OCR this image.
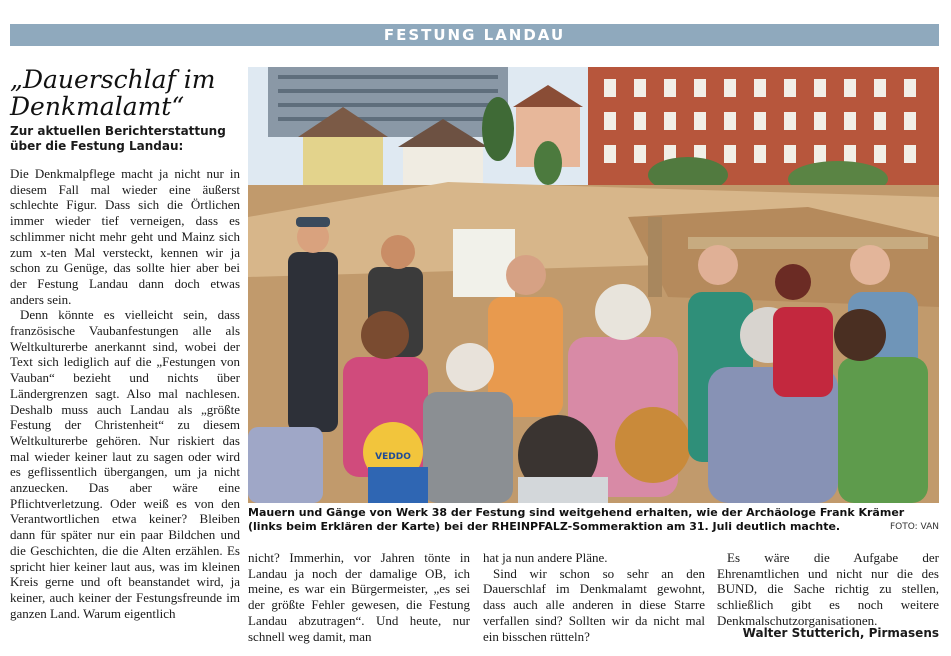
FESTUNG LANDAU
„Dauerschlaf im Denkmalamt“
Zur aktuellen Berichterstattung über die Festung Landau:

Die Denkmalpflege macht ja nicht nur in diesem Fall mal wieder eine äußerst schlechte Figur. Dass sich die Örtlichen immer wieder tief verneigen, dass es schlimmer nicht mehr geht und Mainz sich zum x-ten Mal versteckt, kennen wir ja schon zu Genüge, das sollte hier aber bei der Festung Landau dann doch etwas anders sein.

Denn könnte es vielleicht sein, dass französische Vaubanfestungen alle als Weltkulturerbe anerkannt sind, wobei der Text sich lediglich auf die „Festungen von Vauban“ bezieht und nichts über Ländergrenzen sagt. Also mal nachlesen. Deshalb muss auch Landau als „größte Festung der Christenheit“ zu diesem Weltkulturerbe gehören. Nur riskiert das mal wieder keiner laut zu sagen oder wird es geflissentlich übergangen, um ja nicht anzuecken. Das aber wäre eine Pflichtverletzung. Oder weiß es von den Verantwortlichen etwa keiner? Bleiben dann für später nur ein paar Bildchen und die Geschichten, die die Alten erzählen. Es spricht hier keiner laut aus, was im kleinen Kreis gerne und oft beanstandet wird, ja keiner, auch keiner der Festungsfreunde im ganzen Land. Warum eigentlich

VEDDO
Mauern und Gänge von Werk 38 der Festung sind weitgehend erhalten, wie der Archäologe Frank Krämer (links beim Erklären der Karte) bei der RHEINPFALZ-Sommeraktion am 31. Juli deutlich machte.	FOTO: VAN

nicht? Immerhin, vor Jahren tönte in Landau ja noch der damalige OB, ich meine, es war ein Bürgermeister, „es sei der größte Fehler gewesen, die Festung Landau abzutragen“. Und heute, nur schnell weg damit, man

hat ja nun andere Pläne.

Sind wir schon so sehr an den Dauerschlaf im Denkmalamt gewohnt, dass auch alle anderen in diese Starre verfallen sind? Sollten wir da nicht mal ein bisschen rütteln?

Es wäre die Aufgabe der Ehrenamtlichen und nicht nur die des BUND, die Sache richtig zu stellen, schließlich gibt es noch weitere Denkmalschutzorganisationen.

Walter Stutterich, Pirmasens
